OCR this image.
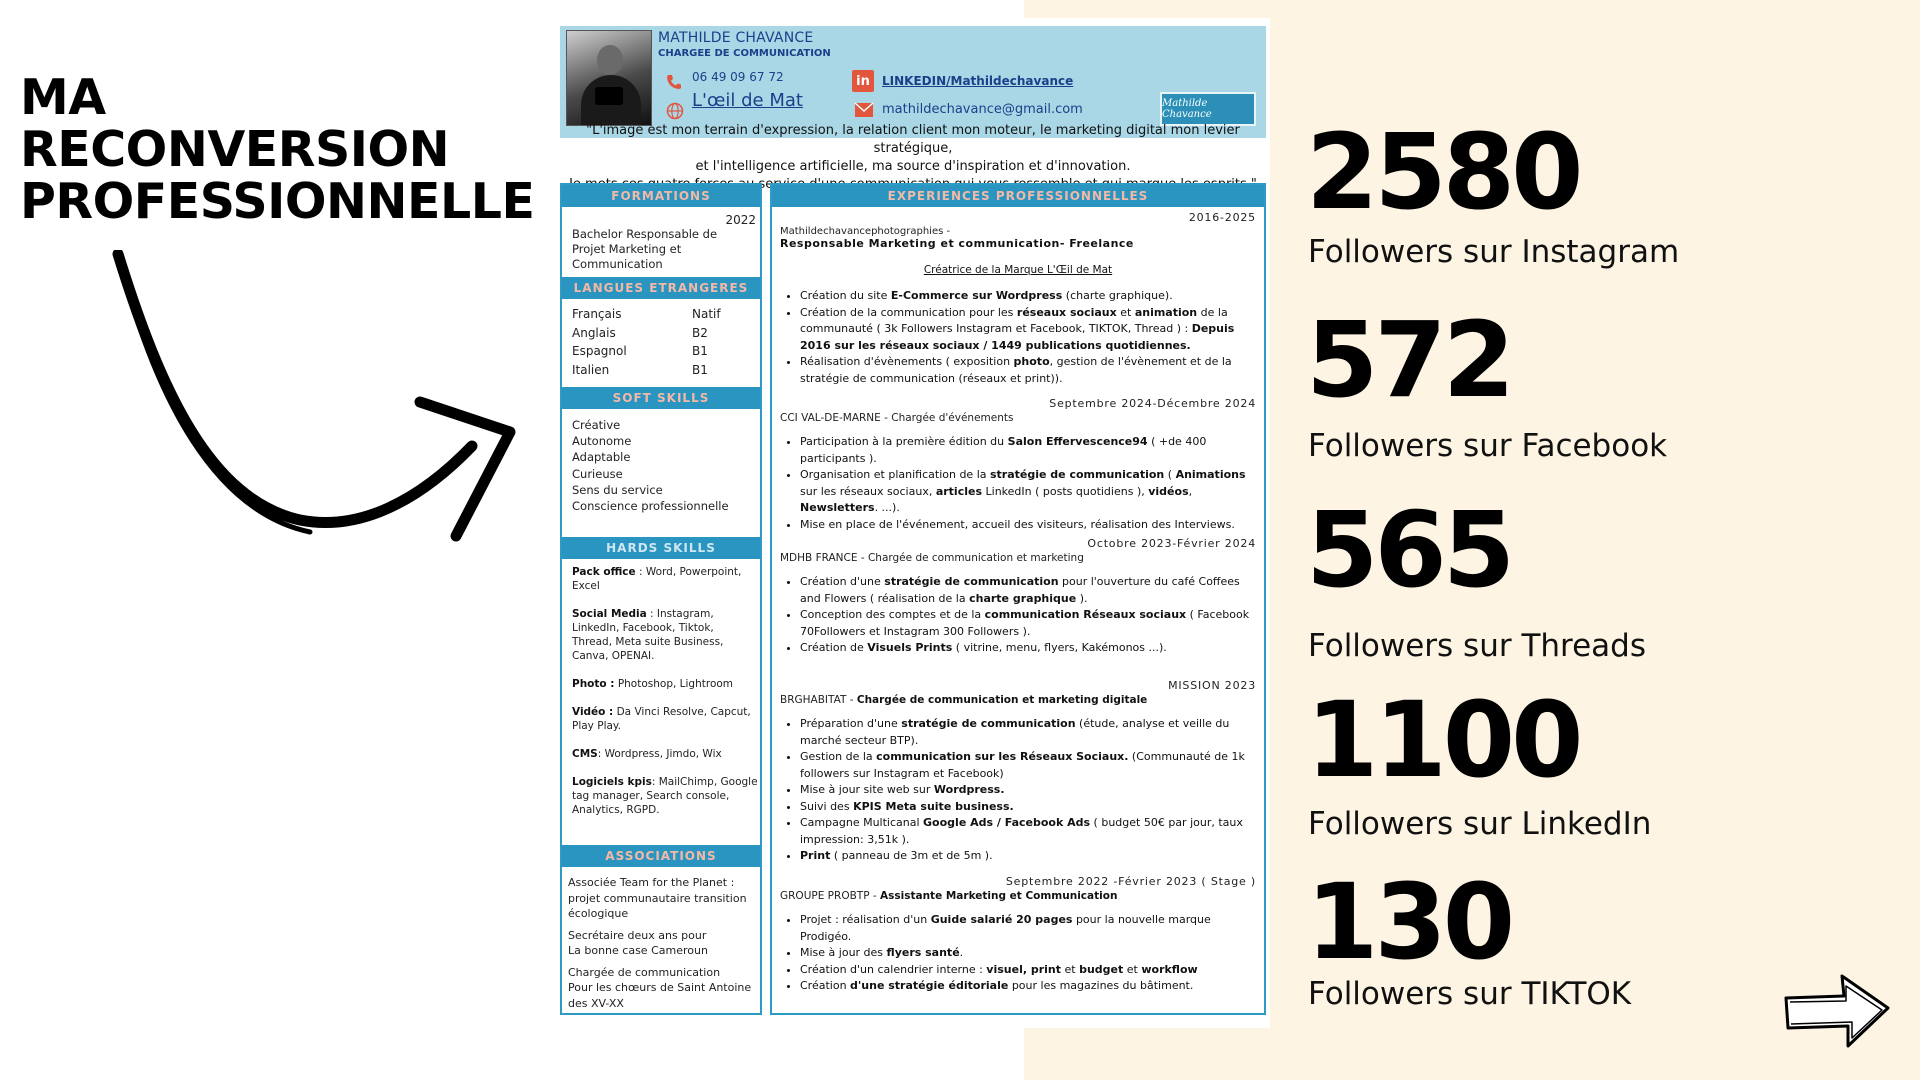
MA
RECONVERSION
PROFESSIONNELLE
MATHILDE CHAVANCE
CHARGEE DE COMMUNICATION
06 49 09 67 72
L'œil de Mat
in	LINKEDIN/Mathildechavance
mathildechavance@gmail.com	Mathilde Chavance
"L'image est mon terrain d'expression, la relation client mon moteur, le marketing digital mon levier stratégique,
et l'intelligence artificielle, ma source d'inspiration et d'innovation.
FORMATIONS
2022
Bachelor Responsable de
Projet Marketing et
Communication
LANGUES ETRANGERES
Français	Natif
Anglais	B2
Espagnol	B1
Italien	B1
SOFT SKILLS
Créative
Autonome
Adaptable
Curieuse
Sens du service
Conscience professionnelle
HARDS SKILLS
Pack office : Word, Powerpoint,
Excel
Social Media : Instagram,
LinkedIn, Facebook, Tiktok,
Thread, Meta suite Business,
Canva, OPENAI.
Photo : Photoshop, Lightroom
Vidéo : Da Vinci Resolve, Capcut,
Play Play.
CMS: Wordpress, Jimdo, Wix
Logiciels kpis: MailChimp, Google
tag manager, Search console,
Analytics, RGPD.
ASSOCIATIONS
Associée Team for the Planet :
projet communautaire transition
écologique
Secrétaire deux ans pour
La bonne case Cameroun
Chargée de communication
Pour les chœurs de Saint Antoine
des XV-XX
EXPERIENCES PROFESSIONNELLES
2016-2025
Mathildechavancephotographies -
Responsable Marketing et communication- Freelance
Créatrice de la Marque L'Œil de Mat
• Création du site E-Commerce sur Wordpress (charte graphique).
• Création de la communication pour les réseaux sociaux et animation de la communauté ( 3k Followers Instagram et Facebook, TIKTOK, Thread ) : Depuis 2016 sur les réseaux sociaux / 1449 publications quotidiennes.
• Réalisation d'évènements ( exposition photo, gestion de l'évènement et de la stratégie de communication (réseaux et print)).
Septembre 2024-Décembre 2024
CCI VAL-DE-MARNE - Chargée d'événements
• Participation à la première édition du Salon Effervescence94 ( +de 400 participants ).
• Organisation et planification de la stratégie de communication ( Animations sur les réseaux sociaux, articles LinkedIn ( posts quotidiens ), vidéos, Newsletters. ...).
• Mise en place de l'événement, accueil des visiteurs, réalisation des Interviews.
Octobre 2023-Février 2024
MDHB FRANCE - Chargée de communication et marketing
• Création d'une stratégie de communication pour l'ouverture du café Coffees and Flowers ( réalisation de la charte graphique ).
• Conception des comptes et de la communication Réseaux sociaux ( Facebook 70Followers et Instagram 300 Followers ).
• Création de Visuels Prints ( vitrine, menu, flyers, Kakémonos ...).
MISSION 2023
BRGHABITAT - Chargée de communication et marketing digitale
• Préparation d'une stratégie de communication (étude, analyse et veille du marché secteur BTP).
• Gestion de la communication sur les Réseaux Sociaux. (Communauté de 1k followers sur Instagram et Facebook)
• Mise à jour site web sur Wordpress.
• Suivi des KPIS Meta suite business.
• Campagne Multicanal Google Ads / Facebook Ads ( budget 50€ par jour, taux impression: 3,51k ).
• Print ( panneau de 3m et de 5m ).
Septembre 2022 -Février 2023 ( Stage )
GROUPE PROBTP - Assistante Marketing et Communication
• Projet : réalisation d'un Guide salarié 20 pages pour la nouvelle marque Prodigéo.
• Mise à jour des flyers santé.
• Création d'un calendrier interne : visuel, print et budget et workflow
• Création d'une stratégie éditoriale pour les magazines du bâtiment.
2580
Followers sur Instagram
572
Followers sur Facebook
565
Followers sur Threads
1100
Followers sur LinkedIn
130
Followers sur TIKTOK
